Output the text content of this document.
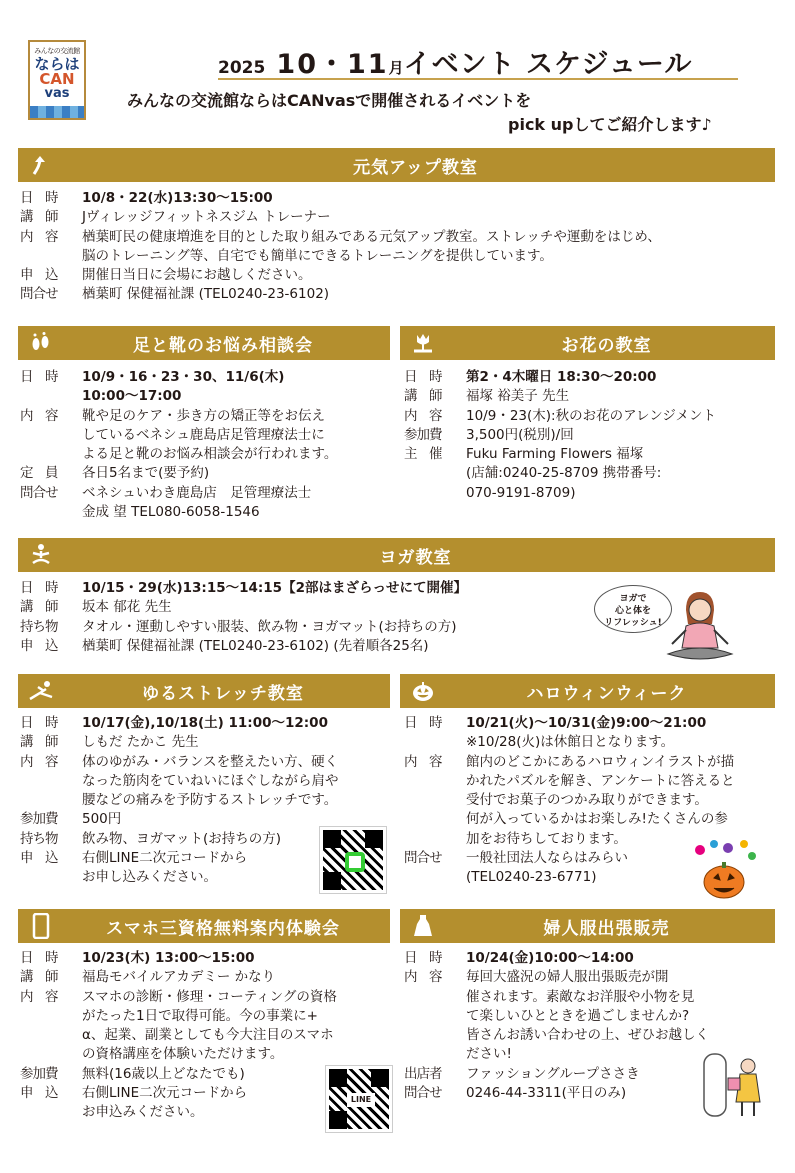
みんなの交流館
ならは
CAN
vas
2025 10・11月イベント スケジュール
みんなの交流館ならはCANvasで開催されるイベントを
pick upしてご紹介します♪
元気アップ教室
日　時	10/8・22(水)13:30〜15:00
講　師	Jヴィレッジフィットネスジム トレーナー
内　容	楢葉町民の健康増進を目的とした取り組みである元気アップ教室。ストレッチや運動をはじめ、
脳のトレーニング等、自宅でも簡単にできるトレーニングを提供しています。
申　込	開催日当日に会場にお越しください。
問合せ	楢葉町 保健福祉課 (TEL0240-23-6102)
足と靴のお悩み相談会
日　時	10/9・16・23・30、11/6(木)
10:00〜17:00
内　容	靴や足のケア・歩き方の矯正等をお伝え
しているベネシュ鹿島店足管理療法士に
よる足と靴のお悩み相談会が行われます。
定　員	各日5名まで(要予約)
問合せ	ベネシュいわき鹿島店　足管理療法士
金成 望 TEL080-6058-1546
お花の教室
日　時	第2・4木曜日 18:30〜20:00
講　師	福塚 裕美子 先生
内　容	10/9・23(木):秋のお花のアレンジメント
参加費	3,500円(税別)/回
主　催	Fuku Farming Flowers 福塚
(店舗:0240-25-8709 携帯番号:
070-9191-8709)
ヨガ教室
日　時	10/15・29(水)13:15〜14:15【2部はまざらっせにて開催】
講　師	坂本 郁花 先生
持ち物	タオル・運動しやすい服装、飲み物・ヨガマット(お持ちの方)
申　込	楢葉町 保健福祉課 (TEL0240-23-6102) (先着順各25名)
ヨガで
心と体を
リフレッシュ!
ゆるストレッチ教室
日　時	10/17(金),10/18(土) 11:00〜12:00
講　師	しもだ たかこ 先生
内　容	体のゆがみ・バランスを整えたい方、硬く
なった筋肉をていねいにほぐしながら肩や
腰などの痛みを予防するストレッチです。
参加費	500円
持ち物	飲み物、ヨガマット(お持ちの方)
申　込	右側LINE二次元コードから
お申し込みください。
ハロウィンウィーク
日　時	10/21(火)〜10/31(金)9:00〜21:00
※10/28(火)は休館日となります。
内　容	館内のどこかにあるハロウィンイラストが描
かれたパズルを解き、アンケートに答えると
受付でお菓子のつかみ取りができます。
何が入っているかはお楽しみ!たくさんの参
加をお待ちしております。
問合せ	一般社団法人ならはみらい
(TEL0240-23-6771)
スマホ三資格無料案内体験会
日　時	10/23(木) 13:00〜15:00
講　師	福島モバイルアカデミー かなり
内　容	スマホの診断・修理・コーティングの資格
がたった1日で取得可能。今の事業に+
α、起業、副業としても今大注目のスマホ
の資格講座を体験いただけます。
参加費	無料(16歳以上どなたでも)
申　込	右側LINE二次元コードから
お申込みください。
LINE
婦人服出張販売
日　時	10/24(金)10:00〜14:00
内　容	毎回大盛況の婦人服出張販売が開
催されます。素敵なお洋服や小物を見
て楽しいひとときを過ごしませんか?
皆さんお誘い合わせの上、ぜひお越しく
ださい!
出店者	ファッショングループささき
問合せ	0246-44-3311(平日のみ)
